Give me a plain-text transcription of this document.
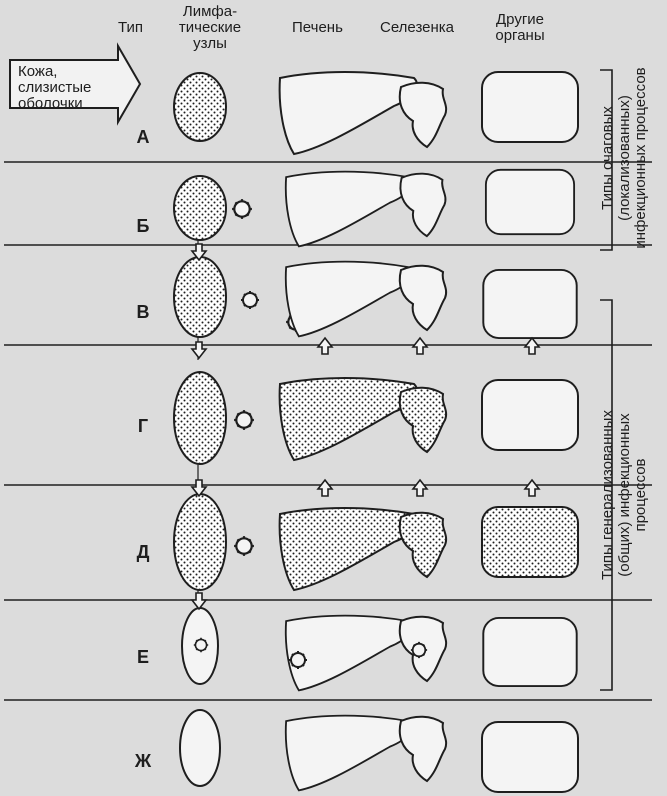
Тип
Лимфа-
тические
узлы
Печень Селезенка	Другие
органы
Кожа,
слизистые
оболочки
А
Б
В
Г
Д
Е
Ж
Типы очаговых (локализованных) инфекционных процессов
Типы генерализованных (общих) инфекционных процессов
